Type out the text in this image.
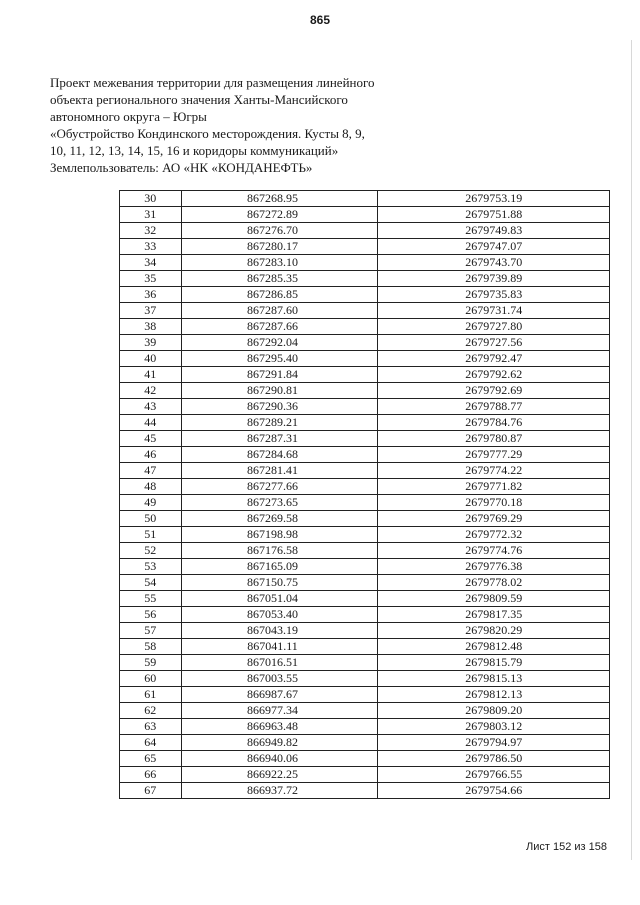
865
Проект межевания территории для размещения линейного
объекта регионального значения Ханты-Мансийского
автономного округа – Югры
«Обустройство Кондинского месторождения. Кусты 8, 9,
10, 11, 12, 13, 14, 15, 16 и коридоры коммуникаций»
Землепользователь: АО «НК «КОНДАНЕФТЬ»
30	867268.95	2679753.19
31	867272.89	2679751.88
32	867276.70	2679749.83
33	867280.17	2679747.07
34	867283.10	2679743.70
35	867285.35	2679739.89
36	867286.85	2679735.83
37	867287.60	2679731.74
38	867287.66	2679727.80
39	867292.04	2679727.56
40	867295.40	2679792.47
41	867291.84	2679792.62
42	867290.81	2679792.69
43	867290.36	2679788.77
44	867289.21	2679784.76
45	867287.31	2679780.87
46	867284.68	2679777.29
47	867281.41	2679774.22
48	867277.66	2679771.82
49	867273.65	2679770.18
50	867269.58	2679769.29
51	867198.98	2679772.32
52	867176.58	2679774.76
53	867165.09	2679776.38
54	867150.75	2679778.02
55	867051.04	2679809.59
56	867053.40	2679817.35
57	867043.19	2679820.29
58	867041.11	2679812.48
59	867016.51	2679815.79
60	867003.55	2679815.13
61	866987.67	2679812.13
62	866977.34	2679809.20
63	866963.48	2679803.12
64	866949.82	2679794.97
65	866940.06	2679786.50
66	866922.25	2679766.55
67	866937.72	2679754.66
Лист 152 из 158
